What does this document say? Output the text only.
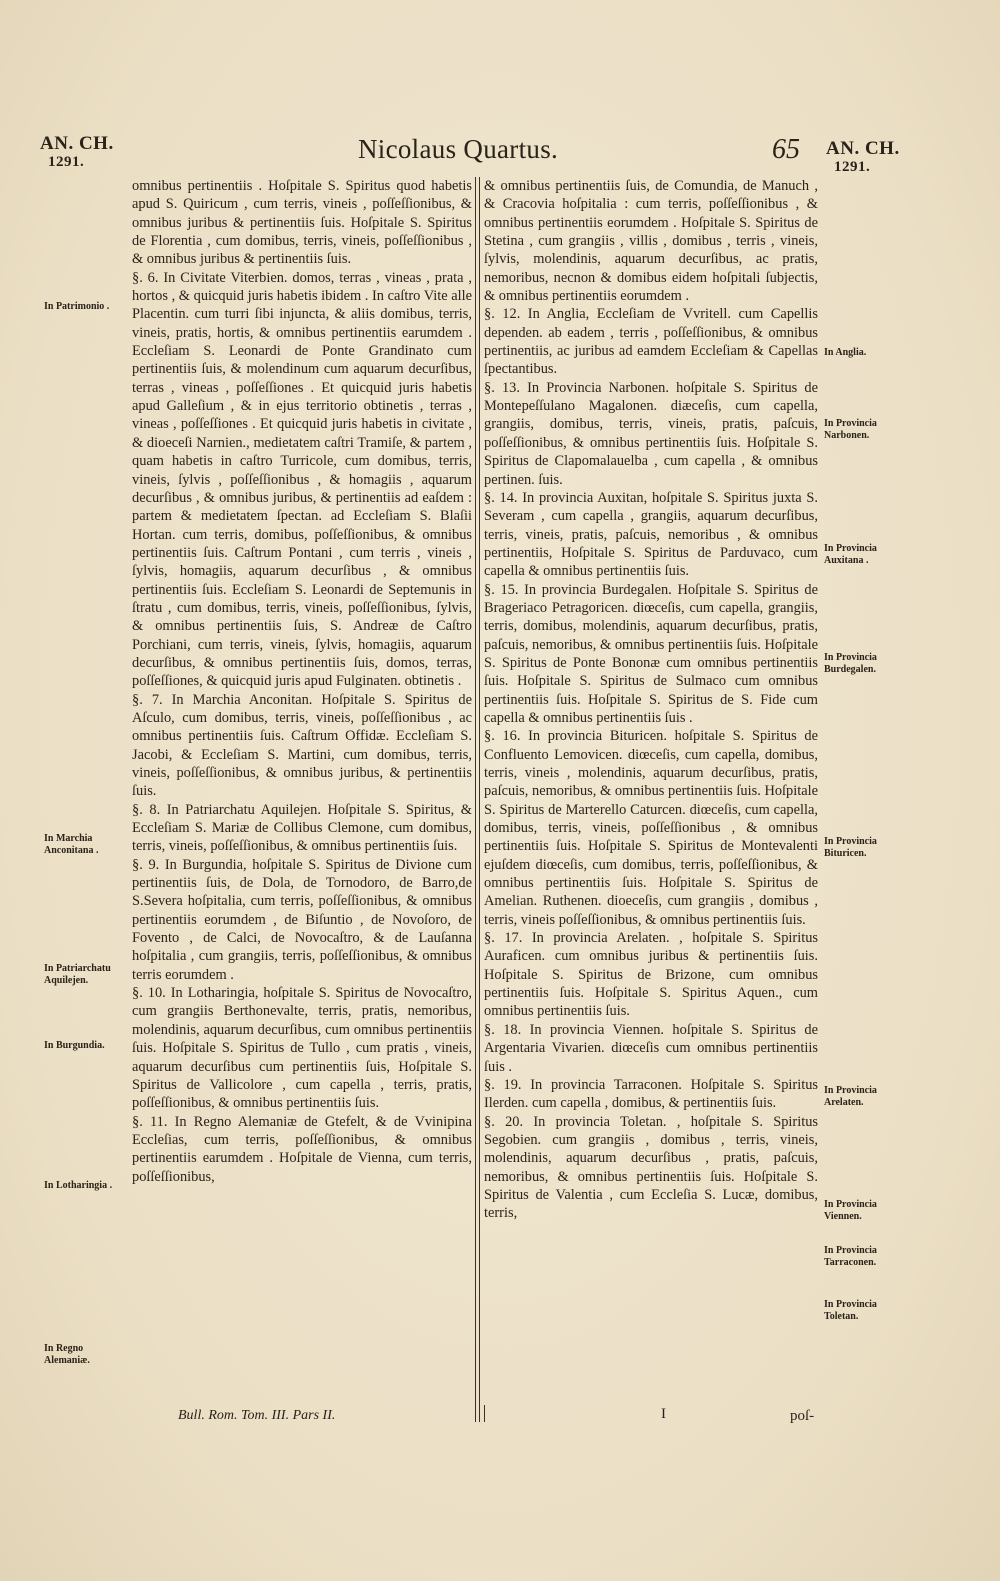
AN. CH.
1291.	Nicolaus Quartus.	65 AN. CH.
1291.

omnibus pertinentiis . Hoſpitale S. Spiritus quod habetis apud S. Quiricum , cum terris, vineis , poſſeſſionibus, & omnibus juribus & pertinentiis ſuis. Hoſpitale S. Spiritus de Florentia , cum domibus, terris, vineis, poſſeſſionibus , & omnibus juribus & pertinentiis ſuis.

§. 6. In Civitate Viterbien. domos, terras , vineas , prata , hortos , & quicquid juris habetis ibidem . In caſtro Vite alle Placentin. cum turri ſibi injuncta, & aliis domibus, terris, vineis, pratis, hortis, & omnibus pertinentiis earumdem . Eccleſiam S. Leonardi de Ponte Grandinato cum pertinentiis ſuis, & molendinum cum aquarum decurſibus, terras , vineas , poſſeſſiones . Et quicquid juris habetis apud Galleſium , & in ejus territorio obtinetis , terras , vineas , poſſeſſiones . Et quicquid juris habetis in civitate , & dioeceſi Narnien., medietatem caſtri Tramiſe, & partem , quam habetis in caſtro Turricole, cum domibus, terris, vineis, ſylvis , poſſeſſionibus , & homagiis , aquarum decurſibus , & omnibus juribus, & pertinentiis ad eaſdem : partem & medietatem ſpectan. ad Eccleſiam S. Blaſii Hortan. cum terris, domibus, poſſeſſionibus, & omnibus pertinentiis ſuis. Caſtrum Pontani , cum terris , vineis , ſylvis, homagiis, aquarum decurſibus , & omnibus pertinentiis ſuis. Eccleſiam S. Leonardi de Septemunis in ſtratu , cum domibus, terris, vineis, poſſeſſionibus, ſylvis, & omnibus pertinentiis ſuis, S. Andreæ de Caſtro Porchiani, cum terris, vineis, ſylvis, homagiis, aquarum decurſibus, & omnibus pertinentiis ſuis, domos, terras, poſſeſſiones, & quicquid juris apud Fulginaten. obtinetis .

§. 7. In Marchia Anconitan. Hoſpitale S. Spiritus de Aſculo, cum domibus, terris, vineis, poſſeſſionibus , ac omnibus pertinentiis ſuis. Caſtrum Offidæ. Eccleſiam S. Jacobi, & Eccleſiam S. Martini, cum domibus, terris, vineis, poſſeſſionibus, & omnibus juribus, & pertinentiis ſuis.

§. 8. In Patriarchatu Aquilejen. Hoſpitale S. Spiritus, & Eccleſiam S. Mariæ de Collibus Clemone, cum domibus, terris, vineis, poſſeſſionibus, & omnibus pertinentiis ſuis.

§. 9. In Burgundia, hoſpitale S. Spiritus de Divione cum pertinentiis ſuis, de Dola, de Tornodoro, de Barro,de S.Severa hoſpitalia, cum terris, poſſeſſionibus, & omnibus pertinentiis eorumdem , de Biſuntio , de Novoſoro, de Fovento , de Calci, de Novocaſtro, & de Lauſanna hoſpitalia , cum grangiis, terris, poſſeſſionibus, & omnibus terris eorumdem .

§. 10. In Lotharingia, hoſpitale S. Spiritus de Novocaſtro, cum grangiis Berthonevalte, terris, pratis, nemoribus, molendinis, aquarum decurſibus, cum omnibus pertinentiis ſuis. Hoſpitale S. Spiritus de Tullo , cum pratis , vineis, aquarum decurſibus cum pertinentiis ſuis, Hoſpitale S. Spiritus de Vallicolore , cum capella , terris, pratis, poſſeſſionibus, & omnibus pertinentiis ſuis.

§. 11. In Regno Alemaniæ de Gtefelt, & de Vvinipina Eccleſias, cum terris, poſſeſſionibus, & omnibus pertinentiis earumdem . Hoſpitale de Vienna, cum terris, poſſeſſionibus,

& omnibus pertinentiis ſuis, de Comundia, de Manuch , & Cracovia hoſpitalia : cum terris, poſſeſſionibus , & omnibus pertinentiis eorumdem . Hoſpitale S. Spiritus de Stetina , cum grangiis , villis , domibus , terris , vineis, ſylvis, molendinis, aquarum decurſibus, ac pratis, nemoribus, necnon & domibus eidem hoſpitali ſubjectis, & omnibus pertinentiis eorumdem .

§. 12. In Anglia, Eccleſiam de Vvritell. cum Capellis dependen. ab eadem , terris , poſſeſſionibus, & omnibus pertinentiis, ac juribus ad eamdem Eccleſiam & Capellas ſpectantibus.

§. 13. In Provincia Narbonen. hoſpitale S. Spiritus de Montepeſſulano Magalonen. diæceſis, cum capella, grangiis, domibus, terris, vineis, pratis, paſcuis, poſſeſſionibus, & omnibus pertinentiis ſuis. Hoſpitale S. Spiritus de Clapomalauelba , cum capella , & omnibus pertinen. ſuis.

§. 14. In provincia Auxitan, hoſpitale S. Spiritus juxta S. Severam , cum capella , grangiis, aquarum decurſibus, terris, vineis, pratis, paſcuis, nemoribus , & omnibus pertinentiis, Hoſpitale S. Spiritus de Parduvaco, cum capella & omnibus pertinentiis ſuis.

§. 15. In provincia Burdegalen. Hoſpitale S. Spiritus de Brageriaco Petragoricen. diœceſis, cum capella, grangiis, terris, domibus, molendinis, aquarum decurſibus, pratis, paſcuis, nemoribus, & omnibus pertinentiis ſuis. Hoſpitale S. Spiritus de Ponte Bononæ cum omnibus pertinentiis ſuis. Hoſpitale S. Spiritus de Sulmaco cum omnibus pertinentiis ſuis. Hoſpitale S. Spiritus de S. Fide cum capella & omnibus pertinentiis ſuis .

§. 16. In provincia Bituricen. hoſpitale S. Spiritus de Confluento Lemovicen. diœceſis, cum capella, domibus, terris, vineis , molendinis, aquarum decurſibus, pratis, paſcuis, nemoribus, & omnibus pertinentiis ſuis. Hoſpitale S. Spiritus de Marterello Caturcen. diœceſis, cum capella, domibus, terris, vineis, poſſeſſionibus , & omnibus pertinentiis ſuis. Hoſpitale S. Spiritus de Montevalenti ejuſdem diœceſis, cum domibus, terris, poſſeſſionibus, & omnibus pertinentiis ſuis. Hoſpitale S. Spiritus de Amelian. Ruthenen. dioeceſis, cum grangiis , domibus , terris, vineis poſſeſſionibus, & omnibus pertinentiis ſuis.

§. 17. In provincia Arelaten. , hoſpitale S. Spiritus Auraficen. cum omnibus juribus & pertinentiis ſuis. Hoſpitale S. Spiritus de Brizone, cum omnibus pertinentiis ſuis. Hoſpitale S. Spiritus Aquen., cum omnibus pertinentiis ſuis.

§. 18. In provincia Viennen. hoſpitale S. Spiritus de Argentaria Vivarien. diœceſis cum omnibus pertinentiis ſuis .

§. 19. In provincia Tarraconen. Hoſpitale S. Spiritus Ilerden. cum capella , domibus, & pertinentiis ſuis.

§. 20. In provincia Toletan. , hoſpitale S. Spiritus Segobien. cum grangiis , domibus , terris, vineis, molendinis, aquarum decurſibus , pratis, paſcuis, nemoribus, & omnibus pertinentiis ſuis. Hoſpitale S. Spiritus de Valentia , cum Eccleſia S. Lucæ, domibus, terris,

In Patrimonio .
In Marchia Anconitana .
In Patriarchatu Aquilejen.
In Burgundia.
In Lotharingia .
In Regno Alemaniæ.
In Anglia.
In Provincia Narbonen.
In Provincia Auxitana .
In Provincia Burdegalen.
In Provincia Bituricen.
In Provincia Arelaten.
In Provincia Viennen.
In Provincia Tarraconen.
In Provincia Toletan.
Bull. Rom. Tom. III. Pars II.	I	poſ-
